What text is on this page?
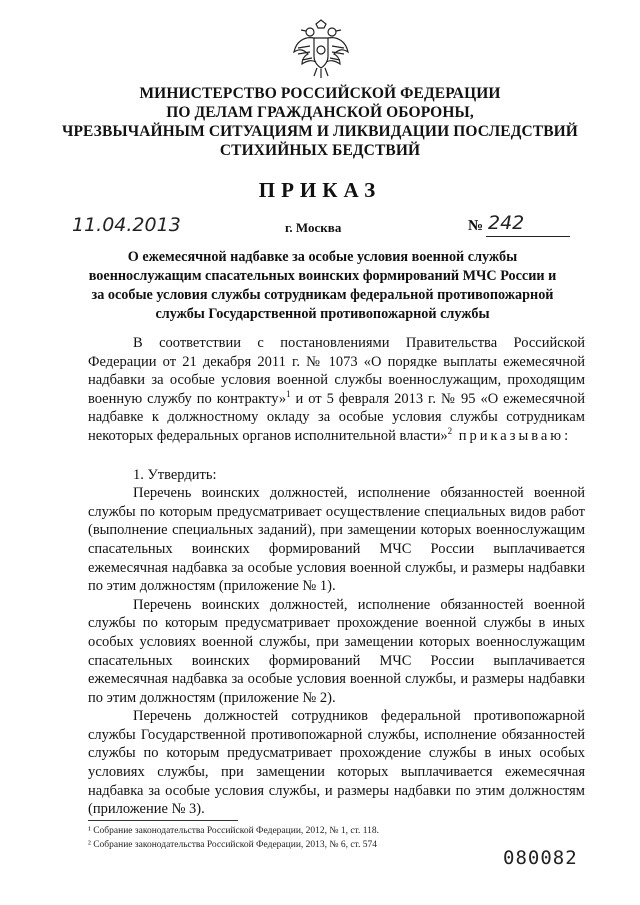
МИНИСТЕРСТВО РОССИЙСКОЙ ФЕДЕРАЦИИ
ПО ДЕЛАМ ГРАЖДАНСКОЙ ОБОРОНЫ,
ЧРЕЗВЫЧАЙНЫМ СИТУАЦИЯМ И ЛИКВИДАЦИИ ПОСЛЕДСТВИЙ
СТИХИЙНЫХ БЕДСТВИЙ
ПРИКАЗ
11.04.2013	г. Москва	№ 242
О ежемесячной надбавке за особые условия военной службы
военнослужащим спасательных воинских формирований МЧС России и
за особые условия службы сотрудникам федеральной противопожарной
службы Государственной противопожарной службы

В соответствии с постановлениями Правительства Российской Федерации от 21 декабря 2011 г. № 1073 «О порядке выплаты ежемесячной надбавки за особые условия военной службы военнослужащим, проходящим военную службу по контракту»$^1$ и от 5 февраля 2013 г. № 95 «О ежемесячной надбавке к должностному окладу за особые условия службы сотрудникам некоторых федеральных органов исполнительной власти»$^2$ приказываю:

1. Утвердить:

Перечень воинских должностей, исполнение обязанностей военной службы по которым предусматривает осуществление специальных видов работ (выполнение специальных заданий), при замещении которых военнослужащим спасательных воинских формирований МЧС России выплачивается ежемесячная надбавка за особые условия военной службы, и размеры надбавки по этим должностям (приложение № 1).

Перечень воинских должностей, исполнение обязанностей военной службы по которым предусматривает прохождение военной службы в иных особых условиях военной службы, при замещении которых военнослужащим спасательных воинских формирований МЧС России выплачивается ежемесячная надбавка за особые условия военной службы, и размеры надбавки по этим должностям (приложение № 2).

Перечень должностей сотрудников федеральной противопожарной службы Государственной противопожарной службы, исполнение обязанностей службы по которым предусматривает прохождение службы в иных особых условиях службы, при замещении которых выплачивается ежемесячная надбавка за особые условия службы, и размеры надбавки по этим должностям (приложение № 3).

¹ Собрание законодательства Российской Федерации, 2012, № 1, ст. 118.
² Собрание законодательства Российской Федерации, 2013, № 6, ст. 574
080082
